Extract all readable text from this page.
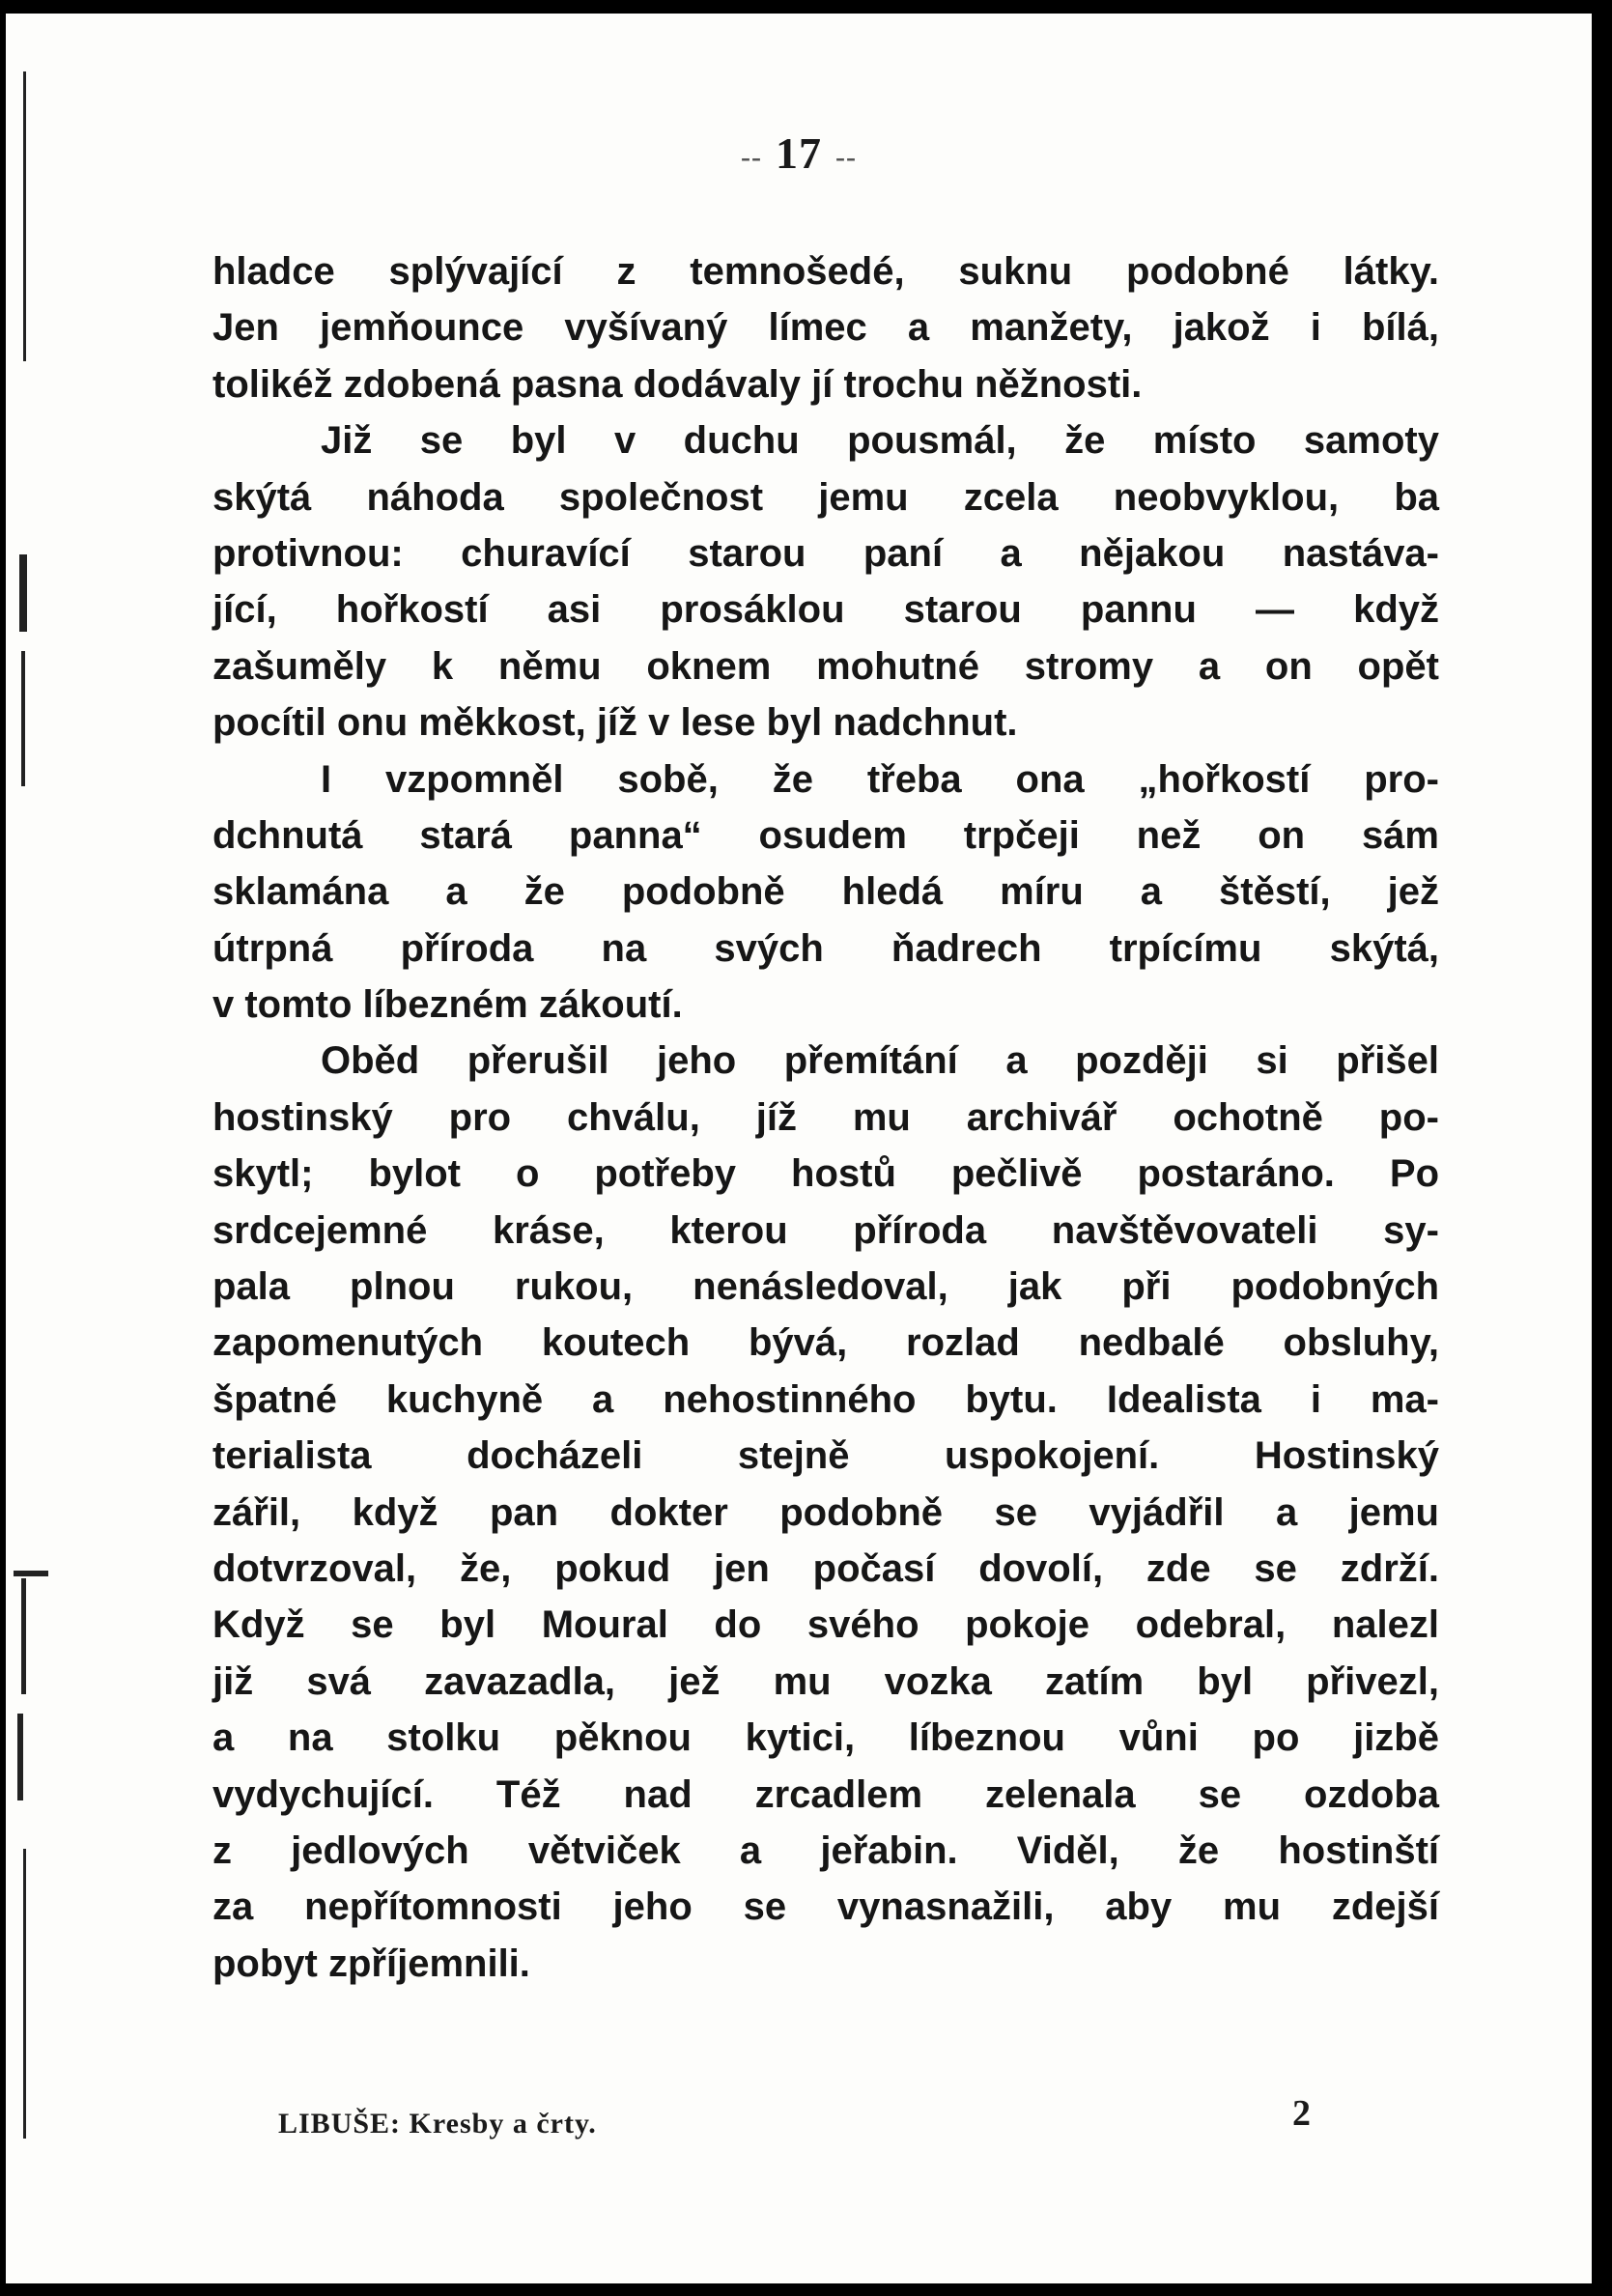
-- 17 --
hladce splývající z temnošedé, suknu podobné látky.
Jen jemňounce vyšívaný límec a manžety, jakož i bílá,
tolikéž zdobená pasna dodávaly jí trochu něžnosti.
Již se byl v duchu pousmál, že místo samoty
skýtá náhoda společnost jemu zcela neobvyklou, ba
protivnou: churavící starou paní a nějakou nastáva-
jící, hořkostí asi prosáklou starou pannu — když
zašuměly k němu oknem mohutné stromy a on opět
pocítil onu měkkost, jíž v lese byl nadchnut.
I vzpomněl sobě, že třeba ona „hořkostí pro-
dchnutá stará panna“ osudem trpčeji než on sám
sklamána a že podobně hledá míru a štěstí, jež
útrpná příroda na svých ňadrech trpícímu skýtá,
v tomto líbezném zákoutí.
Oběd přerušil jeho přemítání a později si přišel
hostinský pro chválu, jíž mu archivář ochotně po-
skytl; bylot o potřeby hostů pečlivě postaráno. Po
srdcejemné kráse, kterou příroda navštěvovateli sy-
pala plnou rukou, nenásledoval, jak při podobných
zapomenutých koutech bývá, rozlad nedbalé obsluhy,
špatné kuchyně a nehostinného bytu. Idealista i ma-
terialista docházeli stejně uspokojení. Hostinský
zářil, když pan dokter podobně se vyjádřil a jemu
dotvrzoval, že, pokud jen počasí dovolí, zde se zdrží.
Když se byl Moural do svého pokoje odebral, nalezl
již svá zavazadla, jež mu vozka zatím byl přivezl,
a na stolku pěknou kytici, líbeznou vůni po jizbě
vydychující. Též nad zrcadlem zelenala se ozdoba
z jedlových větviček a jeřabin. Viděl, že hostinští
za nepřítomnosti jeho se vynasnažili, aby mu zdejší
pobyt zpříjemnili.
LIBUŠE: Kresby a črty.	2
